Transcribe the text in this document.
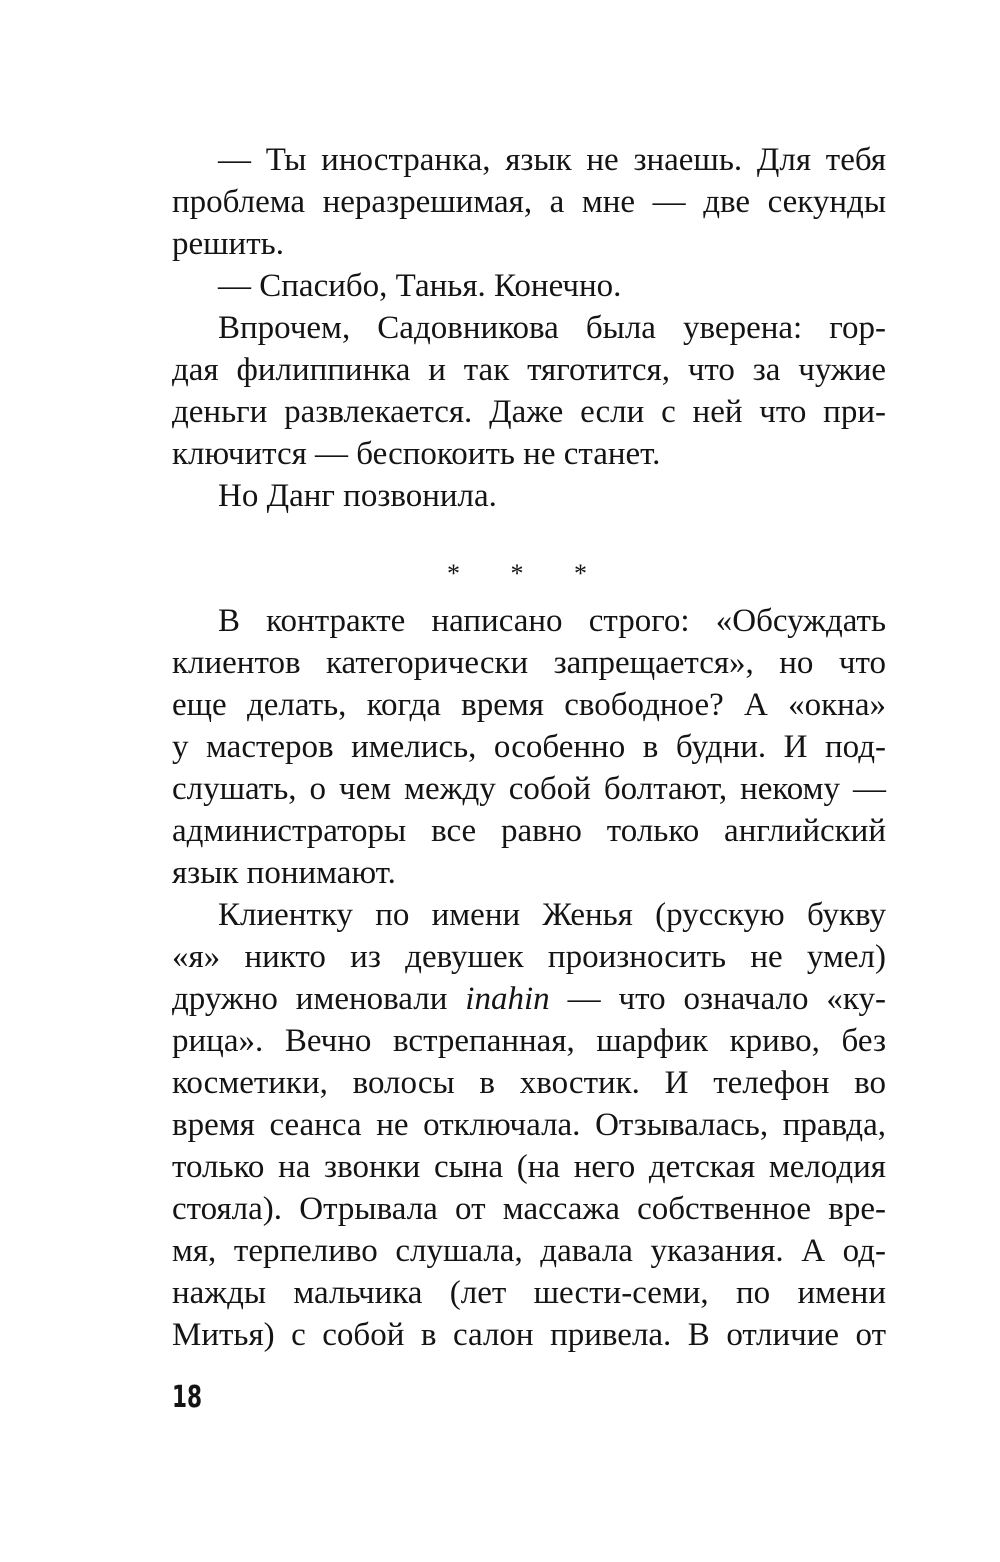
— Ты иностранка, язык не знаешь. Для тебя
проблема неразрешимая, а мне — две секунды
решить.
— Спасибо, Танья. Конечно.
Впрочем, Садовникова была уверена: гор-
дая филиппинка и так тяготится, что за чужие
деньги развлекается. Даже если с ней что при-
ключится — беспокоить не станет.
Но Данг позвонила.
* * *
В контракте написано строго: «Обсуждать
клиентов категорически запрещается», но что
еще делать, когда время свободное? А «окна»
у мастеров имелись, особенно в будни. И под-
слушать, о чем между собой болтают, некому —
администраторы все равно только английский
язык понимают.
Клиентку по имени Женья (русскую букву
«я» никто из девушек произносить не умел)
дружно именовали inahin — что означало «ку-
рица». Вечно встрепанная, шарфик криво, без
косметики, волосы в хвостик. И телефон во
время сеанса не отключала. Отзывалась, правда,
только на звонки сына (на него детская мелодия
стояла). Отрывала от массажа собственное вре-
мя, терпеливо слушала, давала указания. А од-
нажды мальчика (лет шести-семи, по имени
Митья) с собой в салон привела. В отличие от
18
